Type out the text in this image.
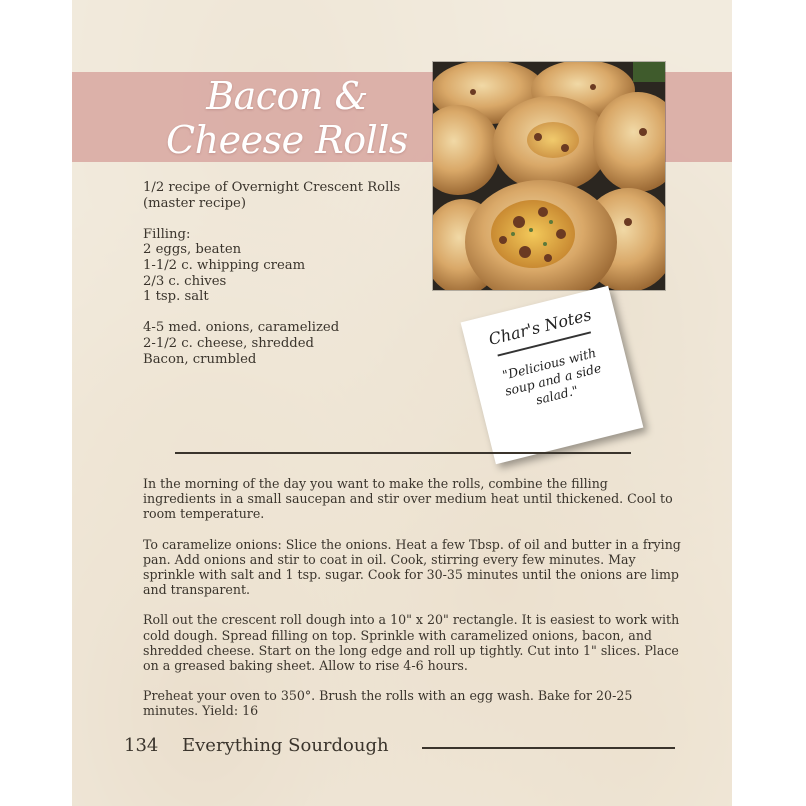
Bacon & Cheese Rolls
1/2 recipe of Overnight Crescent Rolls
(master recipe)

Filling:
2 eggs, beaten
1-1/2 c. whipping cream
2/3 c. chives
1 tsp. salt

4-5 med. onions, caramelized
2-1/2 c. cheese, shredded
Bacon, crumbled
Char's Notes
"Delicious with
soup and a side
salad."

In the morning of the day you want to make the rolls, combine the filling ingredients in a small saucepan and stir over medium heat until thickened. Cool to room temperature.

To caramelize onions: Slice the onions. Heat a few Tbsp. of oil and butter in a frying pan. Add onions and stir to coat in oil. Cook, stirring every few minutes. May sprinkle with salt and 1 tsp. sugar. Cook for 30-35 minutes until the onions are limp and transparent.

Roll out the crescent roll dough into a 10" x 20" rectangle. It is easiest to work with cold dough. Spread filling on top. Sprinkle with caramelized onions, bacon, and shredded cheese. Start on the long edge and roll up tightly. Cut into 1" slices. Place on a greased baking sheet. Allow to rise 4-6 hours.

Preheat your oven to 350°. Brush the rolls with an egg wash. Bake for 20-25 minutes. Yield: 16

134 Everything Sourdough
